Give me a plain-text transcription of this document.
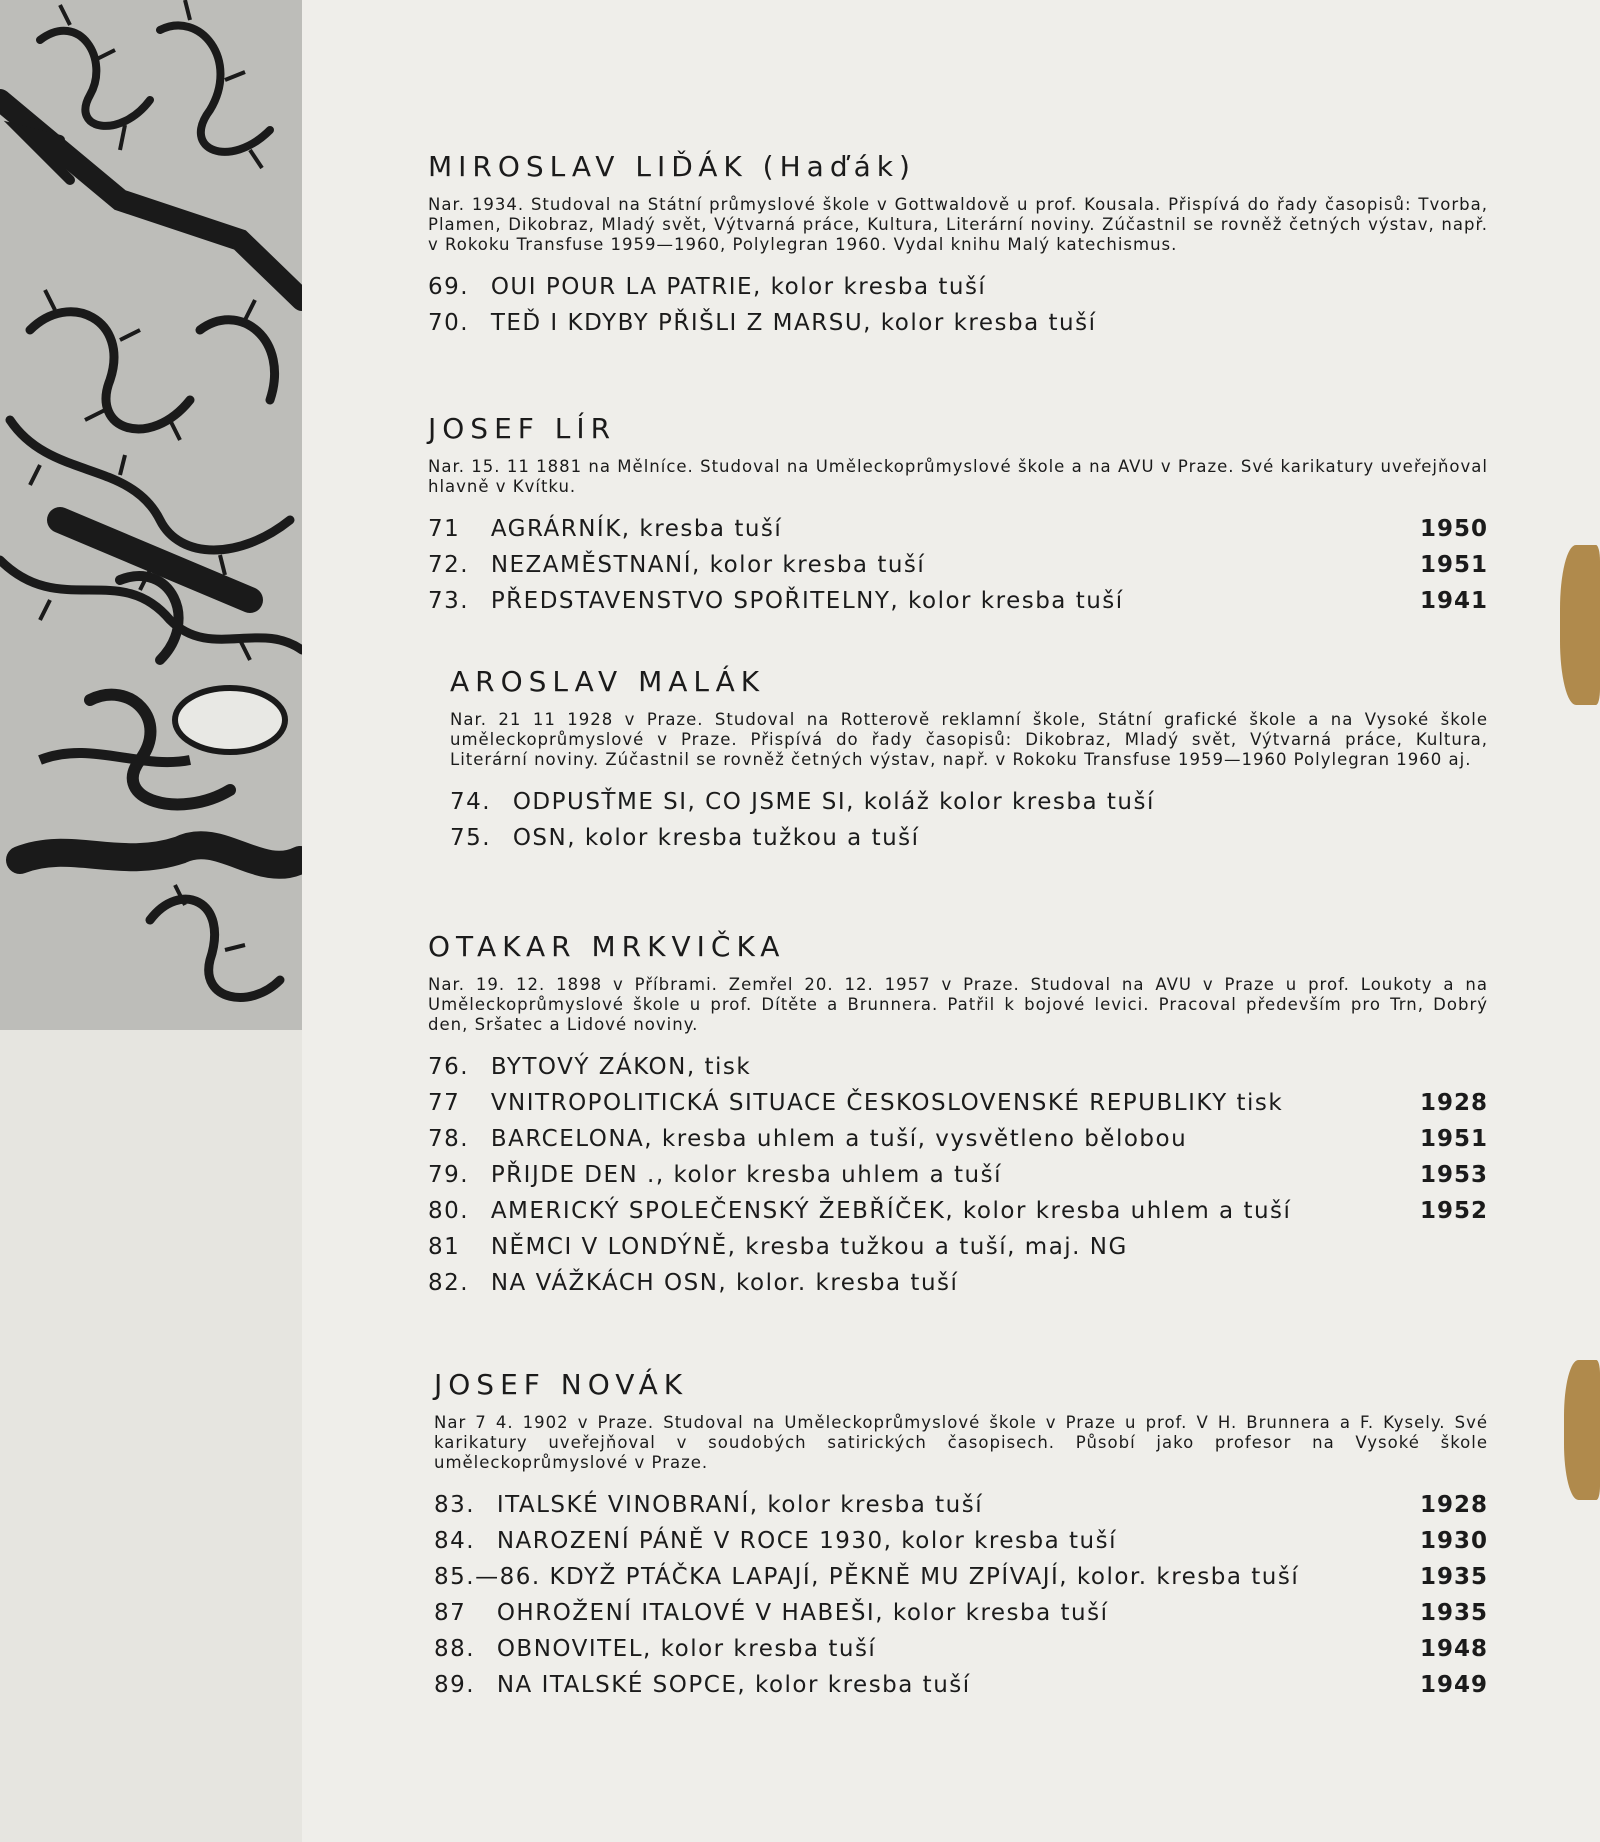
MIROSLAV LIĎÁK (Haďák)

Nar. 1934. Studoval na Státní průmyslové škole v Gottwaldově u prof. Kousala. Přispívá do řady časopisů: Tvorba, Plamen, Dikobraz, Mladý svět, Výtvarná práce, Kultura, Literární noviny. Zúčastnil se rovněž četných výstav, např. v Rokoku Transfuse 1959—1960, Polylegran 1960. Vydal knihu Malý katechismus.

69. OUI POUR LA PATRIE, kolor kresba tuší
70. TEĎ I KDYBY PŘIŠLI Z MARSU, kolor kresba tuší
JOSEF LÍR

Nar. 15. 11 1881 na Mělníce. Studoval na Uměleckoprůmyslové škole a na AVU v Praze. Své karikatury uveřejňoval hlavně v Kvítku.

71 AGRÁRNÍK, kresba tuší	1950
72. NEZAMĚSTNANÍ, kolor kresba tuší	1951
73. PŘEDSTAVENSTVO SPOŘITELNY, kolor kresba tuší	1941
AROSLAV MALÁK

Nar. 21 11 1928 v Praze. Studoval na Rotterově reklamní škole, Státní grafické škole a na Vysoké škole uměleckoprůmyslové v Praze. Přispívá do řady časopisů: Dikobraz, Mladý svět, Výtvarná práce, Kultura, Literární noviny. Zúčastnil se rovněž četných výstav, např. v Rokoku Transfuse 1959—1960 Polylegran 1960 aj.

74. ODPUSŤME SI, CO JSME SI, koláž kolor kresba tuší
75. OSN, kolor kresba tužkou a tuší
OTAKAR MRKVIČKA

Nar. 19. 12. 1898 v Příbrami. Zemřel 20. 12. 1957 v Praze. Studoval na AVU v Praze u prof. Loukoty a na Uměleckoprůmyslové škole u prof. Dítěte a Brunnera. Patřil k bojové levici. Pracoval především pro Trn, Dobrý den, Sršatec a Lidové noviny.

76. BYTOVÝ ZÁKON, tisk
77 VNITROPOLITICKÁ SITUACE ČESKOSLOVENSKÉ REPUBLIKY tisk	1928
78. BARCELONA, kresba uhlem a tuší, vysvětleno bělobou	1951
79. PŘIJDE DEN ., kolor kresba uhlem a tuší	1953
80. AMERICKÝ SPOLEČENSKÝ ŽEBŘÍČEK, kolor kresba uhlem a tuší	1952
81 NĚMCI V LONDÝNĚ, kresba tužkou a tuší, maj. NG
82. NA VÁŽKÁCH OSN, kolor. kresba tuší
JOSEF NOVÁK

Nar 7 4. 1902 v Praze. Studoval na Uměleckoprůmyslové škole v Praze u prof. V H. Brunnera a F. Kysely. Své karikatury uveřejňoval v soudobých satirických časopisech. Působí jako profesor na Vysoké škole uměleckoprůmyslové v Praze.

83. ITALSKÉ VINOBRANÍ, kolor kresba tuší	1928
84. NAROZENÍ PÁNĚ V ROCE 1930, kolor kresba tuší	1930
85.—86. KDYŽ PTÁČKA LAPAJÍ, PĚKNĚ MU ZPÍVAJÍ, kolor. kresba tuší	1935
87 OHROŽENÍ ITALOVÉ V HABEŠI, kolor kresba tuší	1935
88. OBNOVITEL, kolor kresba tuší	1948
89. NA ITALSKÉ SOPCE, kolor kresba tuší	1949
